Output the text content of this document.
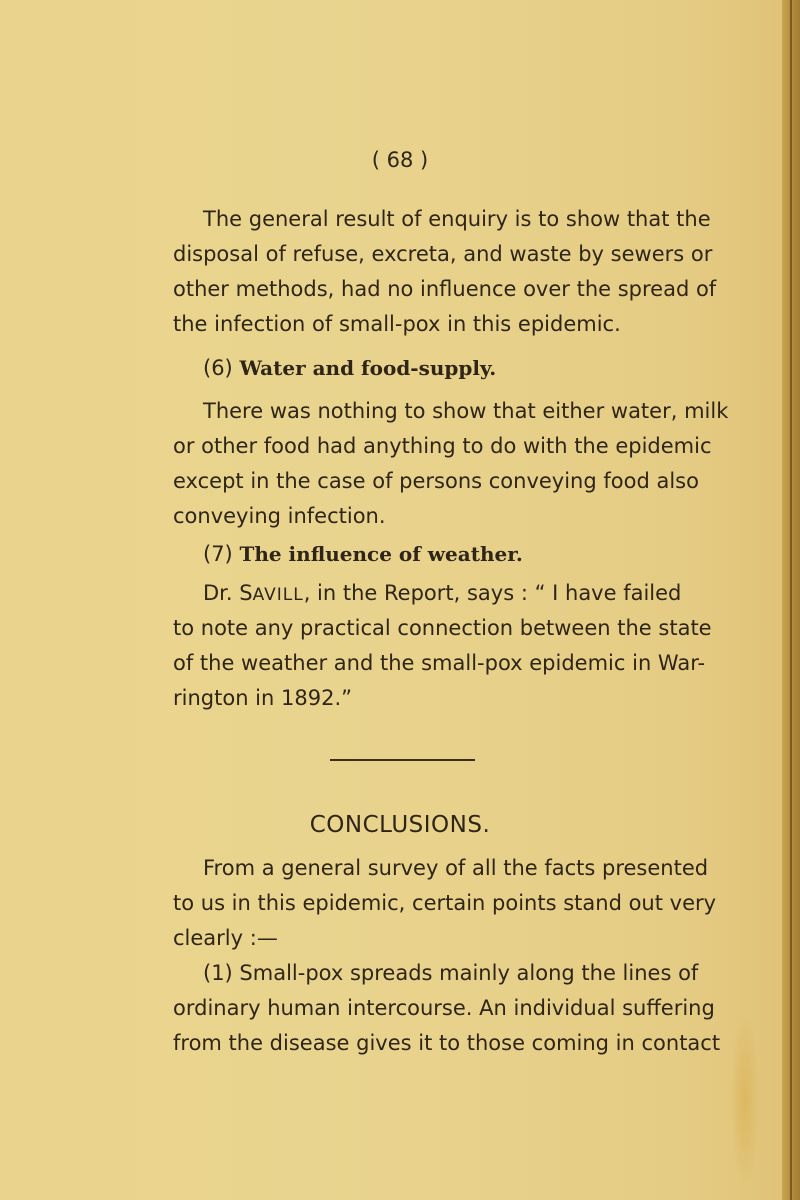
( 68 )
The general result of enquiry is to show that the
disposal of refuse, excreta, and waste by sewers or
other methods, had no influence over the spread of
the infection of small-pox in this epidemic.
(6) Water and food-supply.
There was nothing to show that either water, milk
or other food had anything to do with the epidemic
except in the case of persons conveying food also
conveying infection.
(7) The influence of weather.
Dr. SAVILL, in the Report, says : “ I have failed
to note any practical connection between the state
of the weather and the small-pox epidemic in War-
rington in 1892.”
CONCLUSIONS.
From a general survey of all the facts presented
to us in this epidemic, certain points stand out very
clearly :—
(1) Small-pox spreads mainly along the lines of
ordinary human intercourse. An individual suffering
from the disease gives it to those coming in contact
